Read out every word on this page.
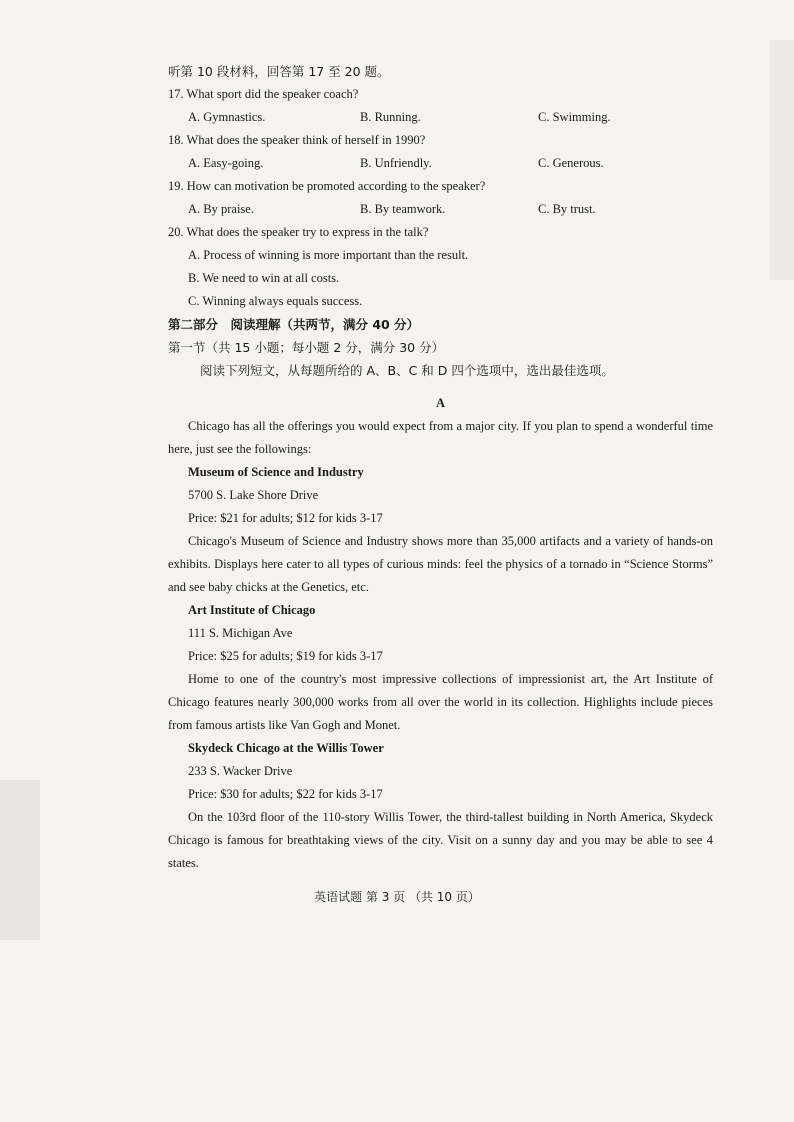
听第 10 段材料，回答第 17 至 20 题。
17. What sport did the speaker coach?
A. Gymnastics.	B. Running.	C. Swimming.
18. What does the speaker think of herself in 1990?
A. Easy-going.	B. Unfriendly.	C. Generous.
19. How can motivation be promoted according to the speaker?
A. By praise.	B. By teamwork.	C. By trust.
20. What does the speaker try to express in the talk?
A. Process of winning is more important than the result.
B. We need to win at all costs.
C. Winning always equals success.
第二部分　阅读理解（共两节，满分 40 分）
第一节（共 15 小题；每小题 2 分，满分 30 分）
阅读下列短文，从每题所给的 A、B、C 和 D 四个选项中，选出最佳选项。
A
Chicago has all the offerings you would expect from a major city. If you plan to spend a wonderful time here, just see the followings:
Museum of Science and Industry
5700 S. Lake Shore Drive
Price: $21 for adults; $12 for kids 3-17
Chicago's Museum of Science and Industry shows more than 35,000 artifacts and a variety of hands-on exhibits. Displays here cater to all types of curious minds: feel the physics of a tornado in “Science Storms” and see baby chicks at the Genetics, etc.
Art Institute of Chicago
111 S. Michigan Ave
Price: $25 for adults; $19 for kids 3-17
Home to one of the country's most impressive collections of impressionist art, the Art Institute of Chicago features nearly 300,000 works from all over the world in its collection. Highlights include pieces from famous artists like Van Gogh and Monet.
Skydeck Chicago at the Willis Tower
233 S. Wacker Drive
Price: $30 for adults; $22 for kids 3-17
On the 103rd floor of the 110-story Willis Tower, the third-tallest building in North America, Skydeck Chicago is famous for breathtaking views of the city. Visit on a sunny day and you may be able to see 4 states.
英语试题 第 3 页 （共 10 页）
